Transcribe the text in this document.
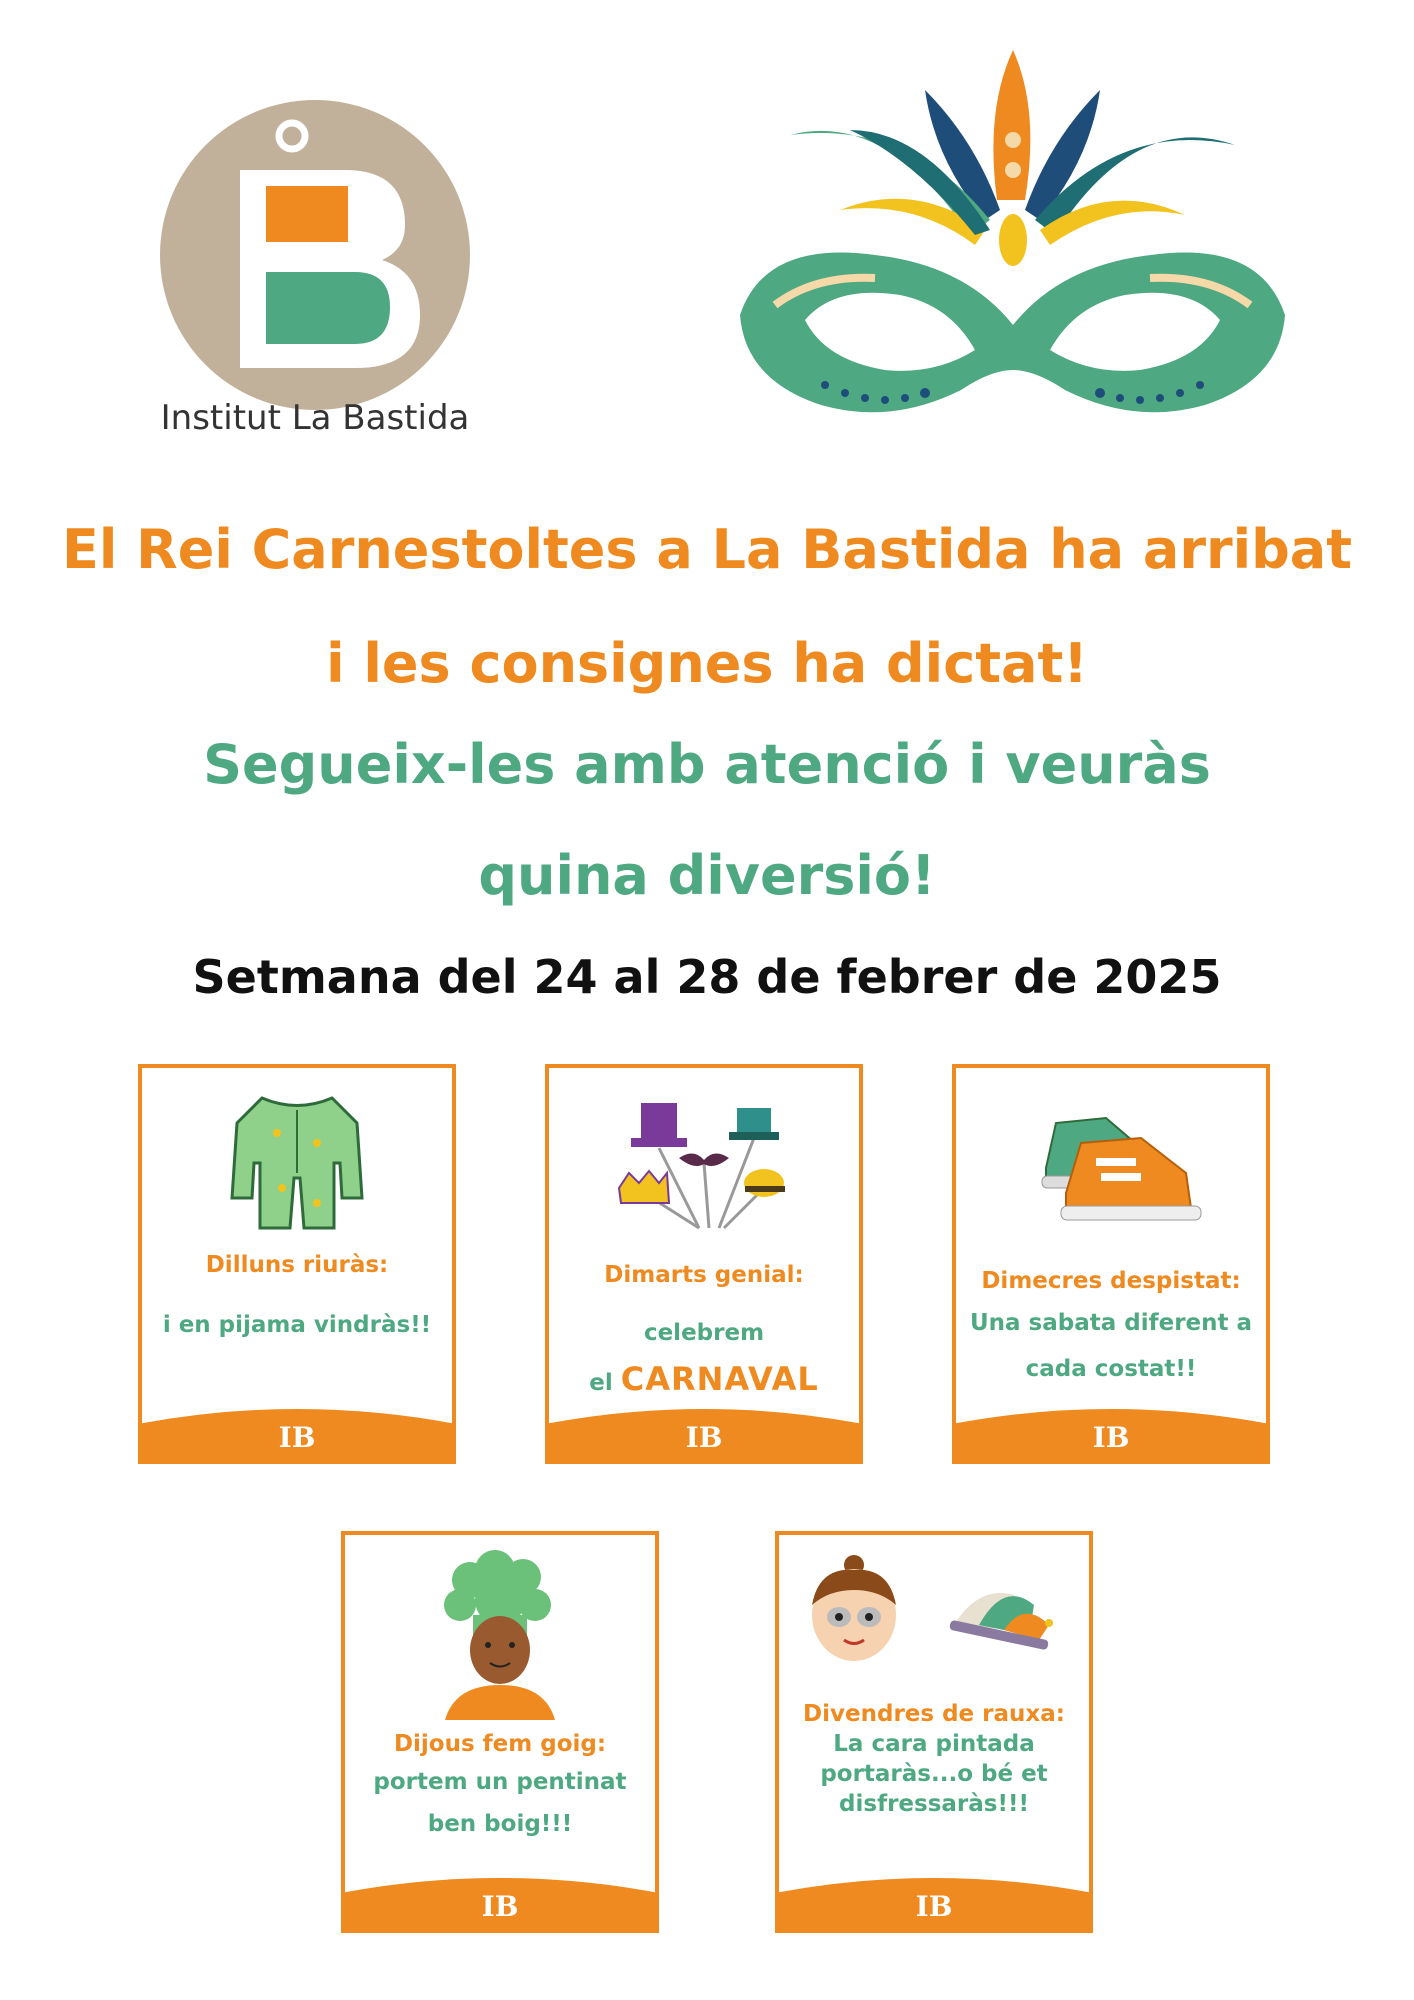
Institut La Bastida
El Rei Carnestoltes a La Bastida ha arribat
i les consignes ha dictat!
Segueix-les amb atenció i veuràs
quina diversió!
Setmana del 24 al 28 de febrer de 2025
Dilluns riuràs:
i en pijama vindràs!!
IB
Dimarts genial:
celebrem
el CARNAVAL
IB
Dimecres despistat:
Una sabata diferent a
cada costat!!
IB
Dijous fem goig:
portem un pentinat
ben boig!!!
IB
Divendres de rauxa:
La cara pintada
portaràs...o bé et
disfressaràs!!!
IB
